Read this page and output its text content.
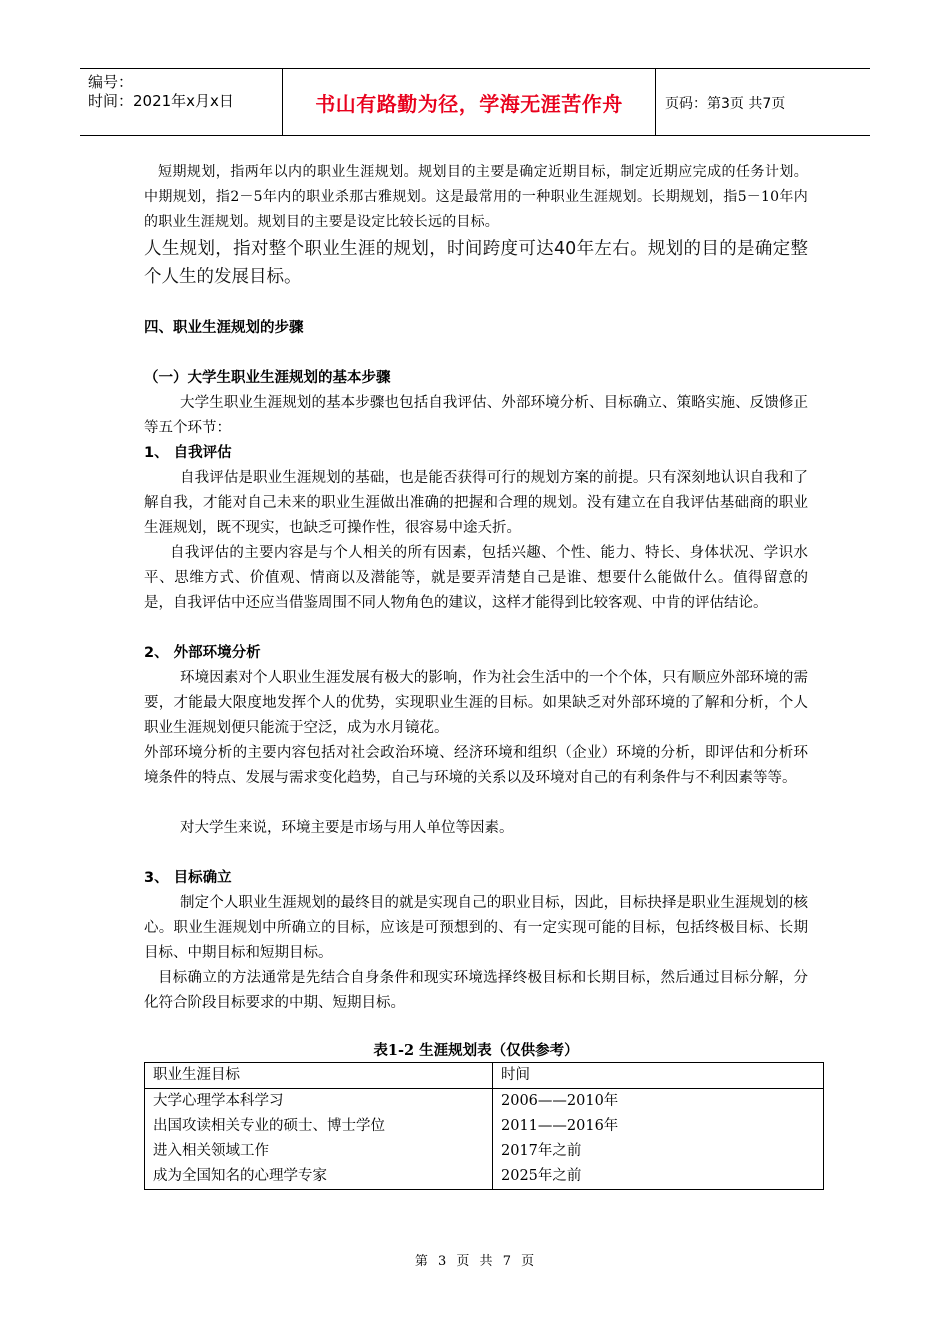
编号：
时间：2021年x月x日	书山有路勤为径，学海无涯苦作舟	页码：第3页 共7页

短期规划，指两年以内的职业生涯规划。规划目的主要是确定近期目标，制定近期应完成的任务计划。中期规划，指2－5年内的职业杀那古雅规划。这是最常用的一种职业生涯规划。长期规划，指5－10年内的职业生涯规划。规划目的主要是设定比较长远的目标。

人生规划，指对整个职业生涯的规划，时间跨度可达40年左右。规划的目的是确定整个人生的发展目标。

四、职业生涯规划的步骤

（一）大学生职业生涯规划的基本步骤

大学生职业生涯规划的基本步骤也包括自我评估、外部环境分析、目标确立、策略实施、反馈修正等五个环节：

1、 自我评估

自我评估是职业生涯规划的基础，也是能否获得可行的规划方案的前提。只有深刻地认识自我和了解自我，才能对自己未来的职业生涯做出准确的把握和合理的规划。没有建立在自我评估基础商的职业生涯规划，既不现实，也缺乏可操作性，很容易中途夭折。

自我评估的主要内容是与个人相关的所有因素，包括兴趣、个性、能力、特长、身体状况、学识水平、思维方式、价值观、情商以及潜能等，就是要弄清楚自己是谁、想要什么能做什么。值得留意的是，自我评估中还应当借鉴周围不同人物角色的建议，这样才能得到比较客观、中肯的评估结论。

2、 外部环境分析

环境因素对个人职业生涯发展有极大的影响，作为社会生活中的一个个体，只有顺应外部环境的需要，才能最大限度地发挥个人的优势，实现职业生涯的目标。如果缺乏对外部环境的了解和分析，个人职业生涯规划便只能流于空泛，成为水月镜花。

外部环境分析的主要内容包括对社会政治环境、经济环境和组织（企业）环境的分析，即评估和分析环境条件的特点、发展与需求变化趋势，自己与环境的关系以及环境对自己的有利条件与不利因素等等。

对大学生来说，环境主要是市场与用人单位等因素。

3、 目标确立

制定个人职业生涯规划的最终目的就是实现自己的职业目标，因此，目标抉择是职业生涯规划的核心。职业生涯规划中所确立的目标，应该是可预想到的、有一定实现可能的目标，包括终极目标、长期目标、中期目标和短期目标。

目标确立的方法通常是先结合自身条件和现实环境选择终极目标和长期目标，然后通过目标分解，分化符合阶段目标要求的中期、短期目标。

表1-2 生涯规划表（仅供参考）
职业生涯目标	时间
大学心理学本科学习	2006——2010年
出国攻读相关专业的硕士、博士学位	2011——2016年
进入相关领域工作	2017年之前
成为全国知名的心理学专家	2025年之前
第 3 页 共 7 页
